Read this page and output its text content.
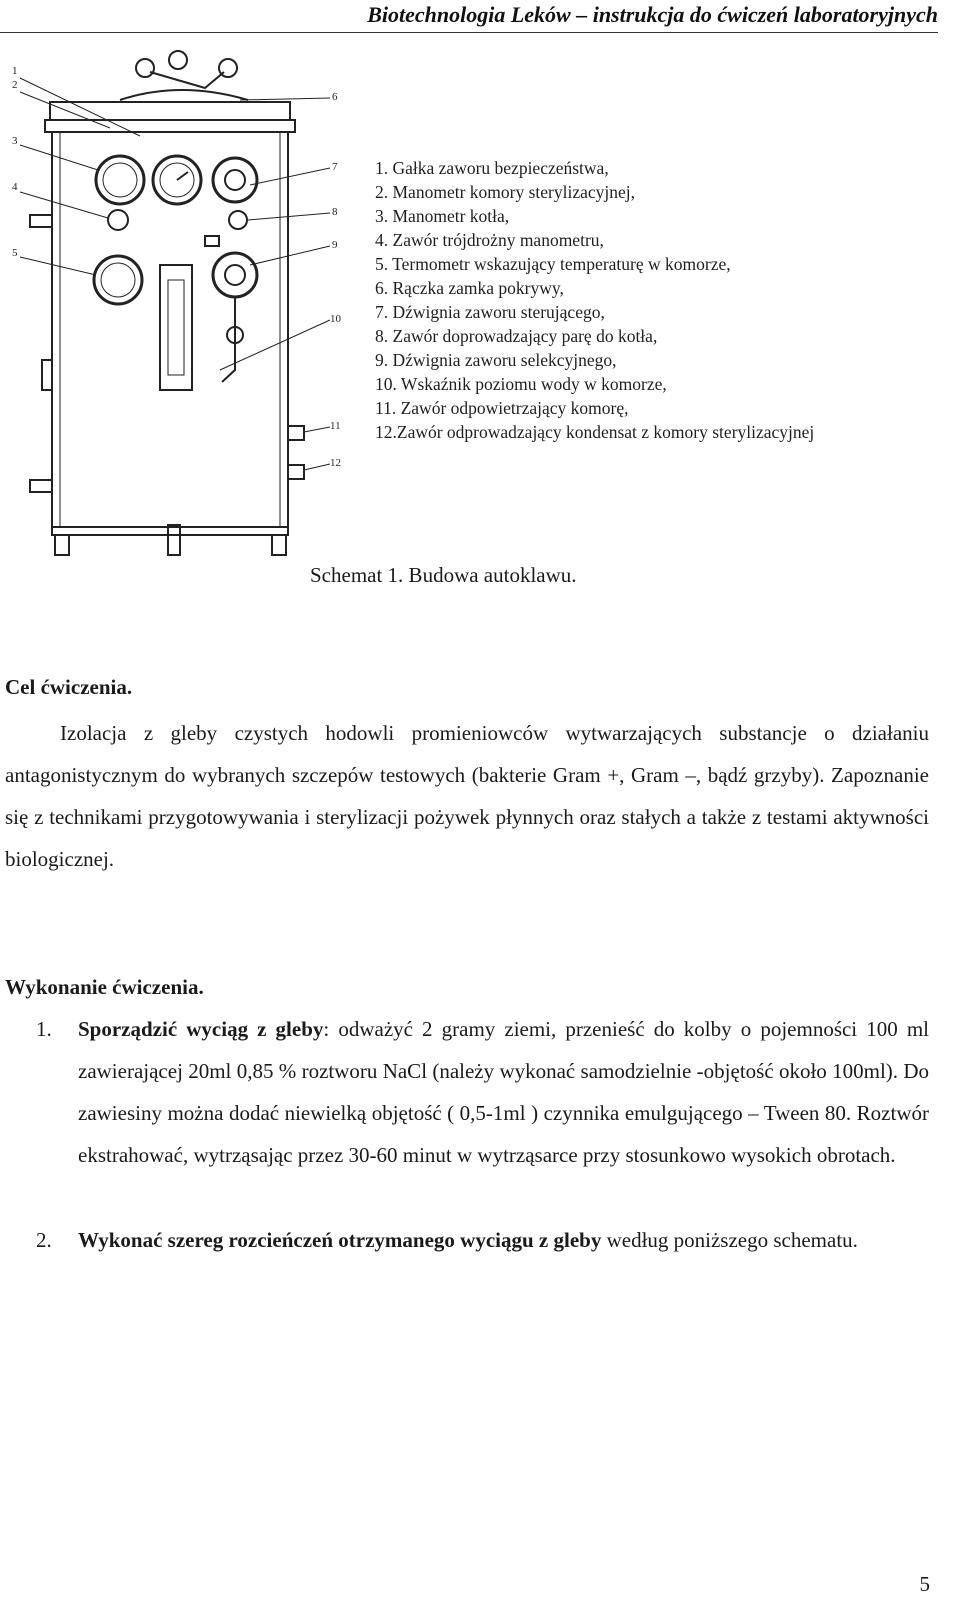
Biotechnologia Leków – instrukcja do ćwiczeń laboratoryjnych
1
2
3
4
5
6
7
8
9
10
11
12
1. Gałka zaworu bezpieczeństwa,
2. Manometr komory sterylizacyjnej,
3. Manometr kotła,
4. Zawór trójdrożny manometru,
5. Termometr wskazujący temperaturę w komorze,
6. Rączka zamka pokrywy,
7. Dźwignia zaworu sterującego,
8. Zawór doprowadzający parę do kotła,
9. Dźwignia zaworu selekcyjnego,
10. Wskaźnik poziomu wody w komorze,
11. Zawór odpowietrzający komorę,
12.Zawór odprowadzający kondensat z komory sterylizacyjnej
Schemat 1. Budowa autoklawu.
Cel ćwiczenia.

Izolacja z gleby czystych hodowli promieniowców wytwarzających substancje o działaniu antagonistycznym do wybranych szczepów testowych (bakterie Gram +, Gram –, bądź grzyby). Zapoznanie się z technikami przygotowywania i sterylizacji pożywek płynnych oraz stałych a także z testami aktywności biologicznej.

Wykonanie ćwiczenia.
1. Sporządzić wyciąg z gleby: odważyć 2 gramy ziemi, przenieść do kolby o pojemności 100 ml zawierającej 20ml 0,85 % roztworu NaCl (należy wykonać samodzielnie -objętość około 100ml). Do zawiesiny można dodać niewielką objętość ( 0,5-1ml ) czynnika emulgującego – Tween 80. Roztwór ekstrahować, wytrząsając przez 30-60 minut w wytrząsarce przy stosunkowo wysokich obrotach.
2. Wykonać szereg rozcieńczeń otrzymanego wyciągu z gleby według poniższego schematu.
5
